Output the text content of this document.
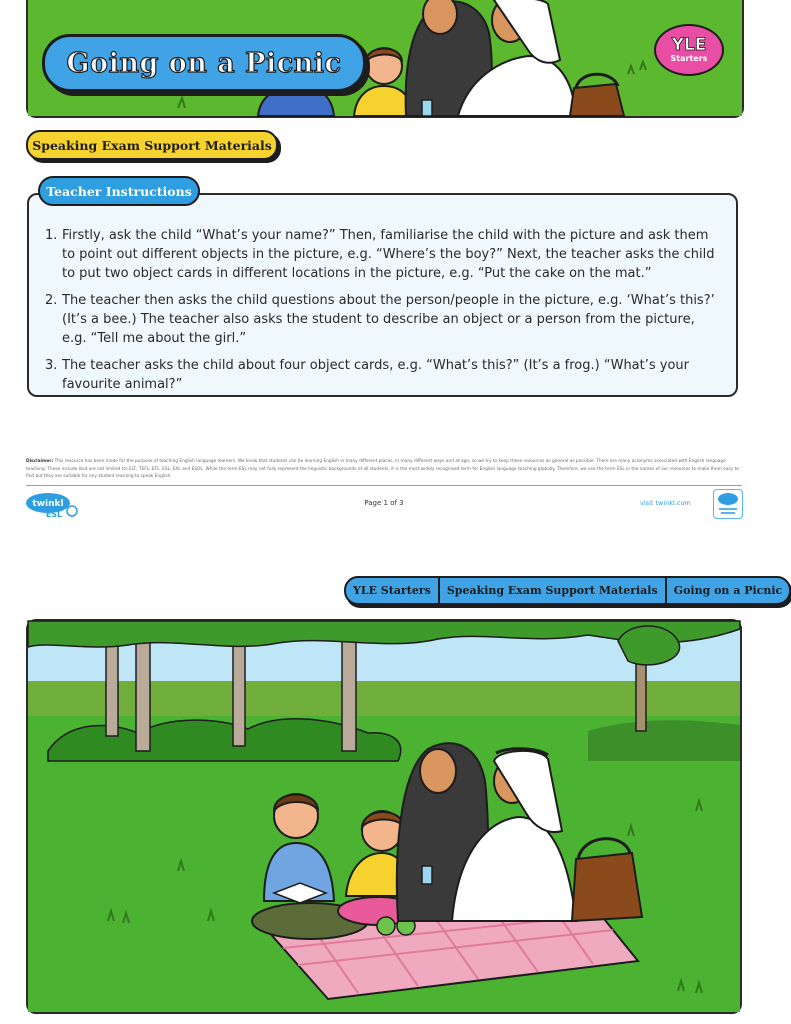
Going on a Picnic
YLE
Starters
Speaking Exam Support Materials
Teacher Instructions
1. Firstly, ask the child “What’s your name?” Then, familiarise the child with the picture and ask them to point out different objects in the picture, e.g. “Where’s the boy?” Next, the teacher asks the child to put two object cards in different locations in the picture, e.g. “Put the cake on the mat.”
2. The teacher then asks the child questions about the person/people in the picture, e.g. ‘What’s this?’ (It’s a bee.) The teacher also asks the student to describe an object or a person from the picture, e.g. “Tell me about the girl.”
3. The teacher asks the child about four object cards, e.g. “What’s this?” (It’s a frog.) “What’s your favourite animal?”
Disclaimer: This resource has been made for the purpose of teaching English language learners. We know that students can be learning English in many different places, in many different ways and at age, so we try to keep these resources as general as possible. There are many acronyms associated with English language teaching. These include (but are not limited to) ELT, TEFL, EFL, ESL, EAL and ESOL. While the term ESL may not fully represent the linguistic backgrounds of all students, it is the most widely recognised term for English language teaching globally. Therefore, we use the term ESL in the names of our resources to make them easy to find but they are suitable for any student learning to speak English.
twinkl
ESL
Page 1 of 3	visit twinkl.com
YLE Starters	Speaking Exam Support Materials	Going on a Picnic
